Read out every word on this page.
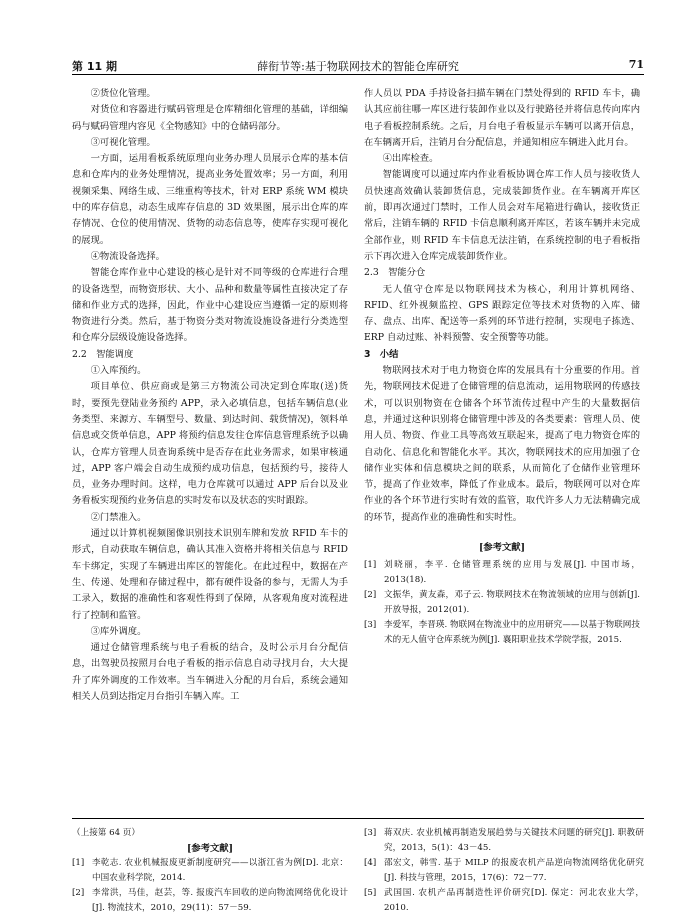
第 11 期	薛衔节等:基于物联网技术的智能仓库研究	71

②货位化管理。

对货位和容器进行赋码管理是仓库精细化管理的基础，详细编码与赋码管理内容见《全物感知》中的仓储码部分。

③可视化管理。

一方面，运用看板系统原理向业务办理人员展示仓库的基本信息和仓库内的业务处理情况，提高业务处置效率；另一方面，利用视频采集、网络生成、三维重构等技术，针对 ERP 系统 WM 模块中的库存信息，动态生成库存信息的 3D 效果图，展示出仓库的库存情况、仓位的使用情况、货物的动态信息等，使库存实现可视化的展现。

④物流设备选择。

智能仓库作业中心建设的核心是针对不同等级的仓库进行合理的设备选型，而物资形状、大小、品种和数量等属性直接决定了存储和作业方式的选择，因此，作业中心建设应当遵循一定的原则将物资进行分类。然后，基于物资分类对物流设施设备进行分类选型和仓库分层级设施设备选择。

2.2　智能调度

①入库预约。

项目单位、供应商或是第三方物流公司决定到仓库取(送)货时，要预先登陆业务预约 APP，录入必填信息，包括车辆信息(业务类型、来源方、车辆型号、数量、到达时间、载货情况)，领料单信息或交货单信息，APP 将预约信息发往仓库信息管理系统予以确认，仓库方管理人员查询系统中是否存在此业务需求，如果审核通过，APP 客户端会自动生成预约成功信息，包括预约号，接待人员，业务办理时间。这样，电力仓库就可以通过 APP 后台以及业务看板实现预约业务信息的实时发布以及状态的实时跟踪。

②门禁准入。

通过以计算机视频图像识别技术识别车牌和发放 RFID 车卡的形式，自动获取车辆信息，确认其准入资格并将相关信息与 RFID 车卡绑定，实现了车辆进出库区的智能化。在此过程中，数据在产生、传递、处理和存储过程中，都有硬件设备的参与，无需人为手工录入，数据的准确性和客观性得到了保障，从客观角度对流程进行了控制和监管。

③库外调度。

通过仓储管理系统与电子看板的结合，及时公示月台分配信息，出驾驶员按照月台电子看板的指示信息自动寻找月台，大大提升了库外调度的工作效率。当车辆进入分配的月台后，系统会通知相关人员到达指定月台指引车辆入库。工

作人员以 PDA 手持设备扫描车辆在门禁处得到的 RFID 车卡，确认其应前往哪一库区进行装卸作业以及行驶路径并将信息传向库内电子看板控制系统。之后，月台电子看板显示车辆可以离开信息，在车辆离开后，注销月台分配信息，并通知相应车辆进入此月台。

④出库检查。

智能调度可以通过库内作业看板协调仓库工作人员与接收货人员快速高效确认装卸货信息，完成装卸货作业。在车辆离开库区前，即再次通过门禁时，工作人员会对车尾箱进行确认，接收货正常后，注销车辆的 RFID 卡信息顺利离开库区，若该车辆并未完成全部作业，则 RFID 车卡信息无法注销，在系统控制的电子看板指示下再次进入仓库完成装卸货作业。

2.3　智能分仓

无人值守仓库是以物联网技术为核心，利用计算机网络、RFID、红外视频监控、GPS 跟踪定位等技术对货物的入库、储存、盘点、出库、配送等一系列的环节进行控制，实现电子拣选、ERP 自动过账、补料预警、安全预警等功能。

3　小结

物联网技术对于电力物资仓库的发展具有十分重要的作用。首先，物联网技术促进了仓储管理的信息流动，运用物联网的传感技术，可以识别物资在仓储各个环节流传过程中产生的大量数据信息，并通过这种识别将仓储管理中涉及的各类要素：管理人员、使用人员、物资、作业工具等高效互联起来，提高了电力物资仓库的自动化、信息化和智能化水平。其次，物联网技术的应用加强了仓储作业实体和信息模块之间的联系，从而简化了仓储作业管理环节，提高了作业效率，降低了作业成本。最后，物联网可以对仓库作业的各个环节进行实时有效的监管，取代许多人力无法精确完成的环节，提高作业的准确性和实时性。

[参考文献]

[1] 刘晓丽，李平. 仓储管理系统的应用与发展[J]. 中国市场，2013(18).
[2] 文振华，黄友森，邓子云. 物联网技术在物流领域的应用与创新[J]. 开放导报，2012(01).
[3] 李爱军，李晋瑛. 物联网在物流业中的应用研究——以基于物联网技术的无人值守仓库系统为例[J]. 襄阳职业技术学院学报，2015.
（上接第 64 页）
[参考文献]
[1] 李乾志. 农业机械报废更新制度研究——以浙江省为例[D]. 北京：中国农业科学院，2014.
[2] 李常洪，马佳，赵芸，等. 报废汽车回收的逆向物流网络优化设计[J]. 物流技术，2010，29(11)：57－59.
[3] 蒋双庆. 农业机械再制造发展趋势与关键技术问题的研究[J]. 职教研究，2013，5(1)：43－45.
[4] 邵宏文，韩雪. 基于 MILP 的报废农机产品逆向物流网络优化研究[J]. 科技与管理，2015，17(6)：72－77.
[5] 武国国. 农机产品再制造性评价研究[D]. 保定：河北农业大学，2010.
